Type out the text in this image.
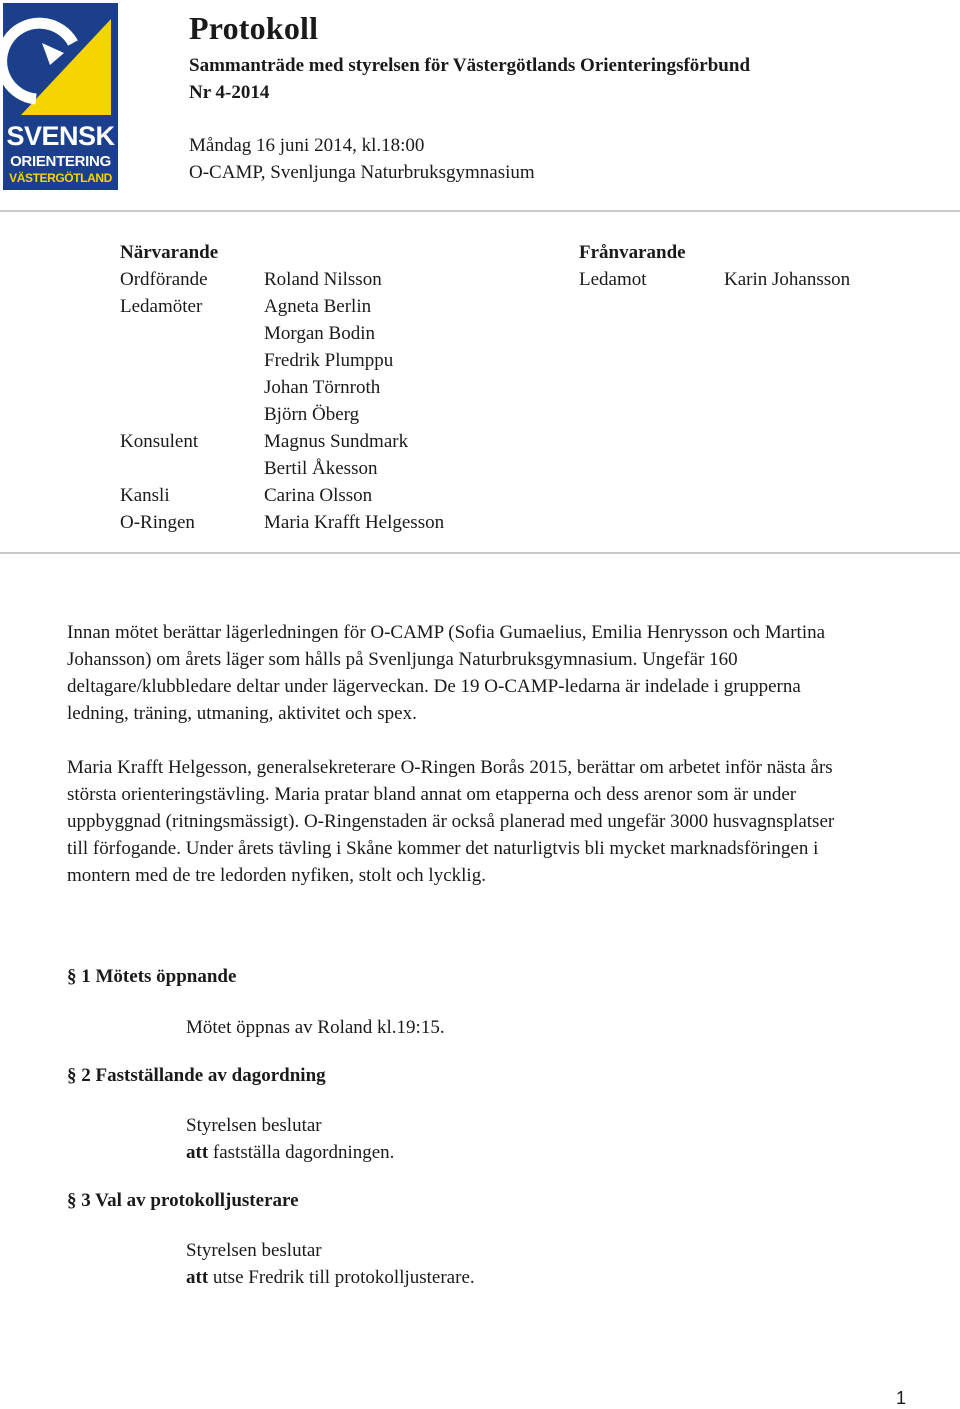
SVENSK
ORIENTERING
VÄSTERGÖTLAND
Protokoll
Sammanträde med styrelsen för Västergötlands Orienteringsförbund
Nr 4-2014
Måndag 16 juni 2014, kl.18:00
O-CAMP, Svenljunga Naturbruksgymnasium
Närvarande	Frånvarande
Ordförande
Ledamöter

Konsulent

Kansli
O-Ringen
Roland Nilsson
Agneta Berlin
Morgan Bodin
Fredrik Plumppu
Johan Törnroth
Björn Öberg
Magnus Sundmark
Bertil Åkesson
Carina Olsson
Maria Krafft Helgesson
Ledamot	Karin Johansson
Innan mötet berättar lägerledningen för O-CAMP (Sofia Gumaelius, Emilia Henrysson och Martina
Johansson) om årets läger som hålls på Svenljunga Naturbruksgymnasium. Ungefär 160
deltagare/klubbledare deltar under lägerveckan. De 19 O-CAMP-ledarna är indelade i grupperna
ledning, träning, utmaning, aktivitet och spex.
Maria Krafft Helgesson, generalsekreterare O-Ringen Borås 2015, berättar om arbetet inför nästa års
största orienteringstävling. Maria pratar bland annat om etapperna och dess arenor som är under
uppbyggnad (ritningsmässigt). O-Ringenstaden är också planerad med ungefär 3000 husvagnsplatser
till förfogande. Under årets tävling i Skåne kommer det naturligtvis bli mycket marknadsföringen i
montern med de tre ledorden nyfiken, stolt och lycklig.
§ 1 Mötets öppnande
Mötet öppnas av Roland kl.19:15.
§ 2 Fastställande av dagordning
Styrelsen beslutar
att fastställa dagordningen.
§ 3 Val av protokolljusterare
Styrelsen beslutar
att utse Fredrik till protokolljusterare.
1
